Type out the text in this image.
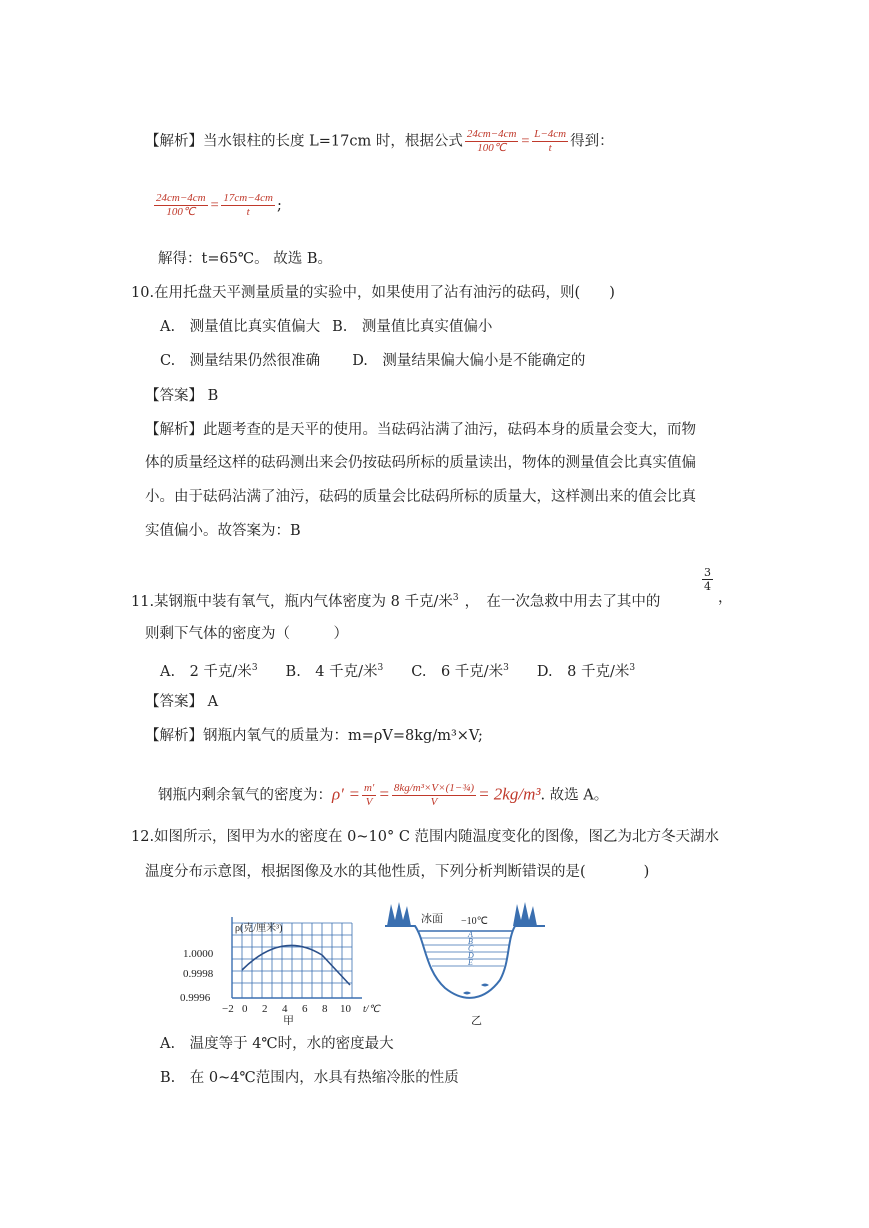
【解析】当水银柱的长度 L=17cm 时，根据公式 $\frac{24cm-4cm}{100℃} = \frac{L-4cm}{t}$ 得到：
$\frac{24cm-4cm}{100℃} = \frac{17cm-4cm}{t}$ ;
解得：t=65℃。 故选 B。
10.在用托盘天平测量质量的实验中，如果使用了沾有油污的砝码，则(　　)
A.　测量值比真实值偏大 B.　测量值比真实值偏小
C.　测量结果仍然很准确 D.　测量结果偏大偏小是不能确定的
【答案】 B
【解析】此题考查的是天平的使用。当砝码沾满了油污，砝码本身的质量会变大，而物
体的质量经这样的砝码测出来会仍按砝码所标的质量读出，物体的测量值会比真实值偏
小。由于砝码沾满了油污，砝码的质量会比砝码所标的质量大，这样测出来的值会比真
实值偏小。故答案为：B
11.某钢瓶中装有氧气，瓶内气体密度为 8 千克/米$^3$ ，　在一次急救中用去了其中的
$\frac{3}{4}$
，
则剩下气体的密度为（　　　）
A.　2 千克/米$^3$ B.　4 千克/米$^3$ C.　6 千克/米$^3$ D.　8 千克/米$^3$
【答案】 A
【解析】钢瓶内氧气的质量为：m=ρV=8kg/m³×V;
钢瓶内剩余氧气的密度为：$\rho' = \frac{m'}{V} = \frac{\text{8kg/m³×V×(1−¾)}}{V} = 2kg/m^3$. 故选 A。
12.如图所示，图甲为水的密度在 0~10° C 范围内随温度变化的图像，图乙为北方冬天湖水
温度分布示意图，根据图像及水的其他性质，下列分析判断错误的是(　　　　)
ρ(克/厘米³)
1.0000
0.9998
0.9996
−2 0 2 4 6 8 10 t/℃
甲
冰面 −10℃
A
B
C
D
E
乙
A.　温度等于 4℃时，水的密度最大
B.　在 0~4℃范围内，水具有热缩冷胀的性质
